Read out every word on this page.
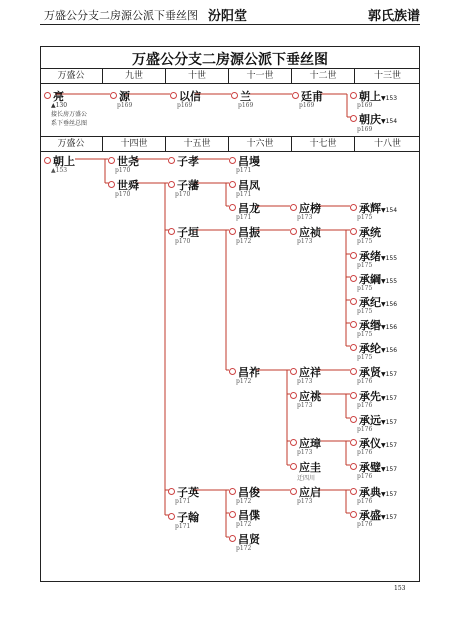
万盛公分支二房源公派下垂丝图 汾阳堂	郭氏族谱
万盛公分支二房源公派下垂丝图
万盛公	九世	十世	十一世	十二世	十三世
万盛公	十四世	十五世	十六世	十七世	十八世
亮
▲130
接长房万盛公
系下垂丝总图
源
p169
以信
p169
兰
p169
廷甫
p169
朝上▼153
p169
朝庆▼154
p169
朝上
▲153
世尧
p170
世舜
p170
子孝
子藩
p170
子垣
p170
子英
p171
子翰
p171
昌墁
p171
昌凤
p171
昌龙
p171
昌振
p172
昌祚
p172
昌俊
p172
昌偞
p172
昌贤
p172
应榜
p173
应祯
p173
应祥
p173
应祧
p173
应璋
p173
应圭
迁四川
应启
p173
承辉▼154
p175
承统
p175
承绪▼155
p175
承綱▼155
p175
承纪▼156
p175
承缗▼156
p175
承纶▼156
p175
承贤▼157
p176
承先▼157
p176
承远▼157
p176
承仪▼157
p176
承璧▼157
p176
承典▼157
p176
承盛▼157
p176
153
